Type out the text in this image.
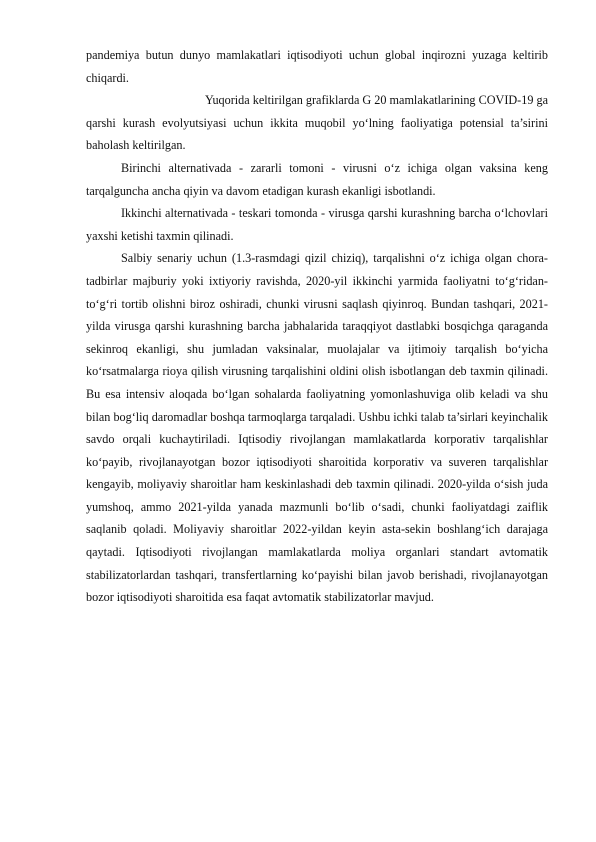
pandemiya butun dunyo mamlakatlari iqtisodiyoti uchun global inqirozni yuzaga keltirib chiqardi.

Yuqorida keltirilgan grafiklarda G 20 mamlakatlarining COVID-19 ga qarshi kurash evolyutsiyasi uchun ikkita muqobil yo‘lning faoliyatiga potensial ta’sirini baholash keltirilgan.

Birinchi alternativada - zararli tomoni - virusni o‘z ichiga olgan vaksina keng tarqalguncha ancha qiyin va davom etadigan kurash ekanligi isbotlandi.

Ikkinchi alternativada - teskari tomonda - virusga qarshi kurashning barcha o‘lchovlari yaxshi ketishi taxmin qilinadi.

Salbiy senariy uchun (1.3-rasmdagi qizil chiziq), tarqalishni o‘z ichiga olgan chora-tadbirlar majburiy yoki ixtiyoriy ravishda, 2020-yil ikkinchi yarmida faoliyatni to‘g‘ridan-to‘g‘ri tortib olishni biroz oshiradi, chunki virusni saqlash qiyinroq. Bundan tashqari, 2021-yilda virusga qarshi kurashning barcha jabhalarida taraqqiyot dastlabki bosqichga qaraganda sekinroq ekanligi, shu jumladan vaksinalar, muolajalar va ijtimoiy tarqalish bo‘yicha ko‘rsatmalarga rioya qilish virusning tarqalishini oldini olish isbotlangan deb taxmin qilinadi. Bu esa intensiv aloqada bo‘lgan sohalarda faoliyatning yomonlashuviga olib keladi va shu bilan bog‘liq daromadlar boshqa tarmoqlarga tarqaladi. Ushbu ichki talab ta’sirlari keyinchalik savdo orqali kuchaytiriladi. Iqtisodiy rivojlangan mamlakatlarda korporativ tarqalishlar ko‘payib, rivojlanayotgan bozor iqtisodiyoti sharoitida korporativ va suveren tarqalishlar kengayib, moliyaviy sharoitlar ham keskinlashadi deb taxmin qilinadi. 2020-yilda o‘sish juda yumshoq, ammo 2021-yilda yanada mazmunli bo‘lib o‘sadi, chunki faoliyatdagi zaiflik saqlanib qoladi. Moliyaviy sharoitlar 2022-yildan keyin asta-sekin boshlang‘ich darajaga qaytadi. Iqtisodiyoti rivojlangan mamlakatlarda moliya organlari standart avtomatik stabilizatorlardan tashqari, transfertlarning ko‘payishi bilan javob berishadi, rivojlanayotgan bozor iqtisodiyoti sharoitida esa faqat avtomatik stabilizatorlar mavjud.
